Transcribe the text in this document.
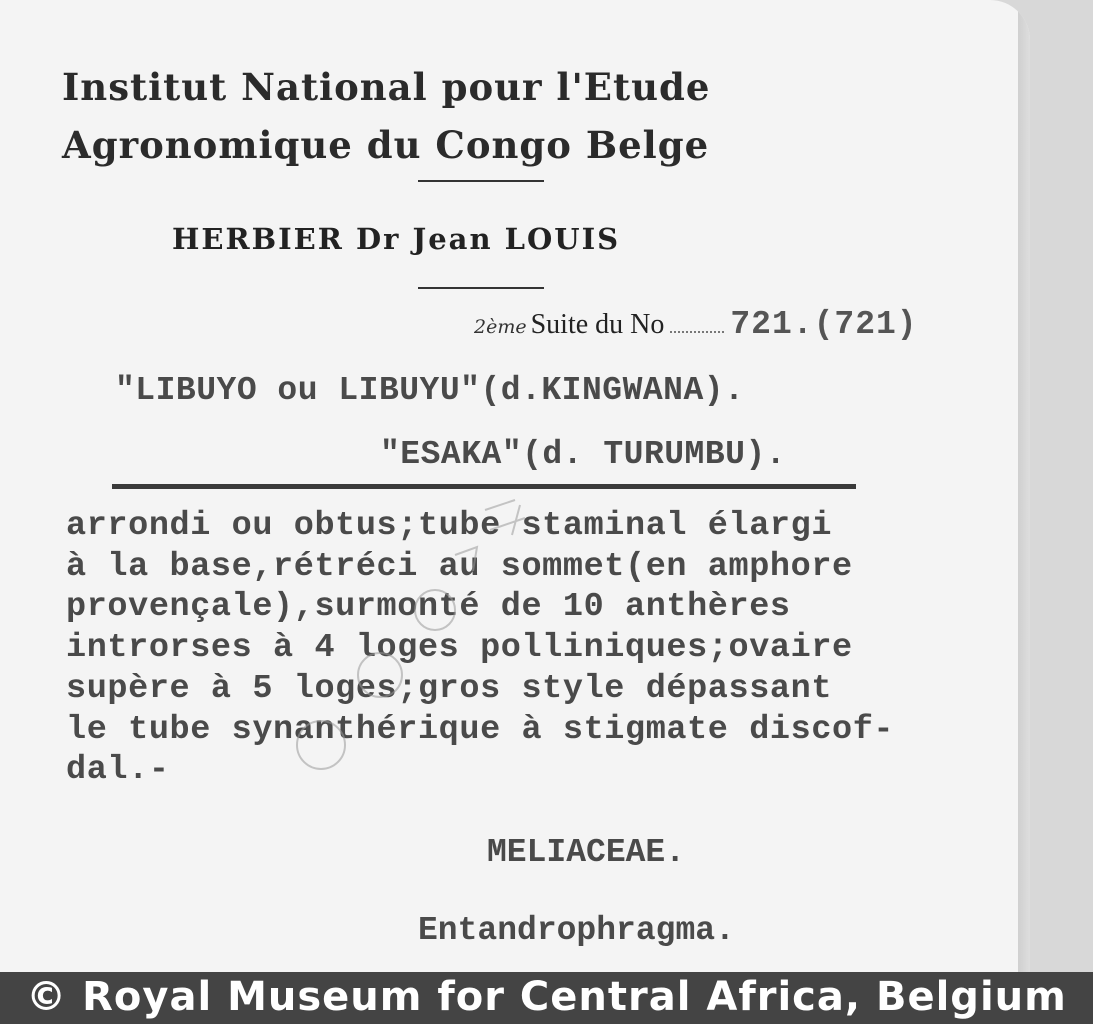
Institut National pour l'Etude
Agronomique du Congo Belge
HERBIER Dr Jean LOUIS
2ème Suite du No 721.(721)
"LIBUYO ou LIBUYU"(d.KINGWANA).
"ESAKA"(d. TURUMBU).
arrondi ou obtus;tube staminal élargi
à la base,rétréci au sommet(en amphore
provençale),surmonté de 10 anthères
introrses à 4 loges polliniques;ovaire
supère à 5 loges;gros style dépassant
le tube synanthérique à stigmate discof-
dal.-
MELIACEAE.
Entandrophragma.
© Royal Museum for Central Africa, Belgium
